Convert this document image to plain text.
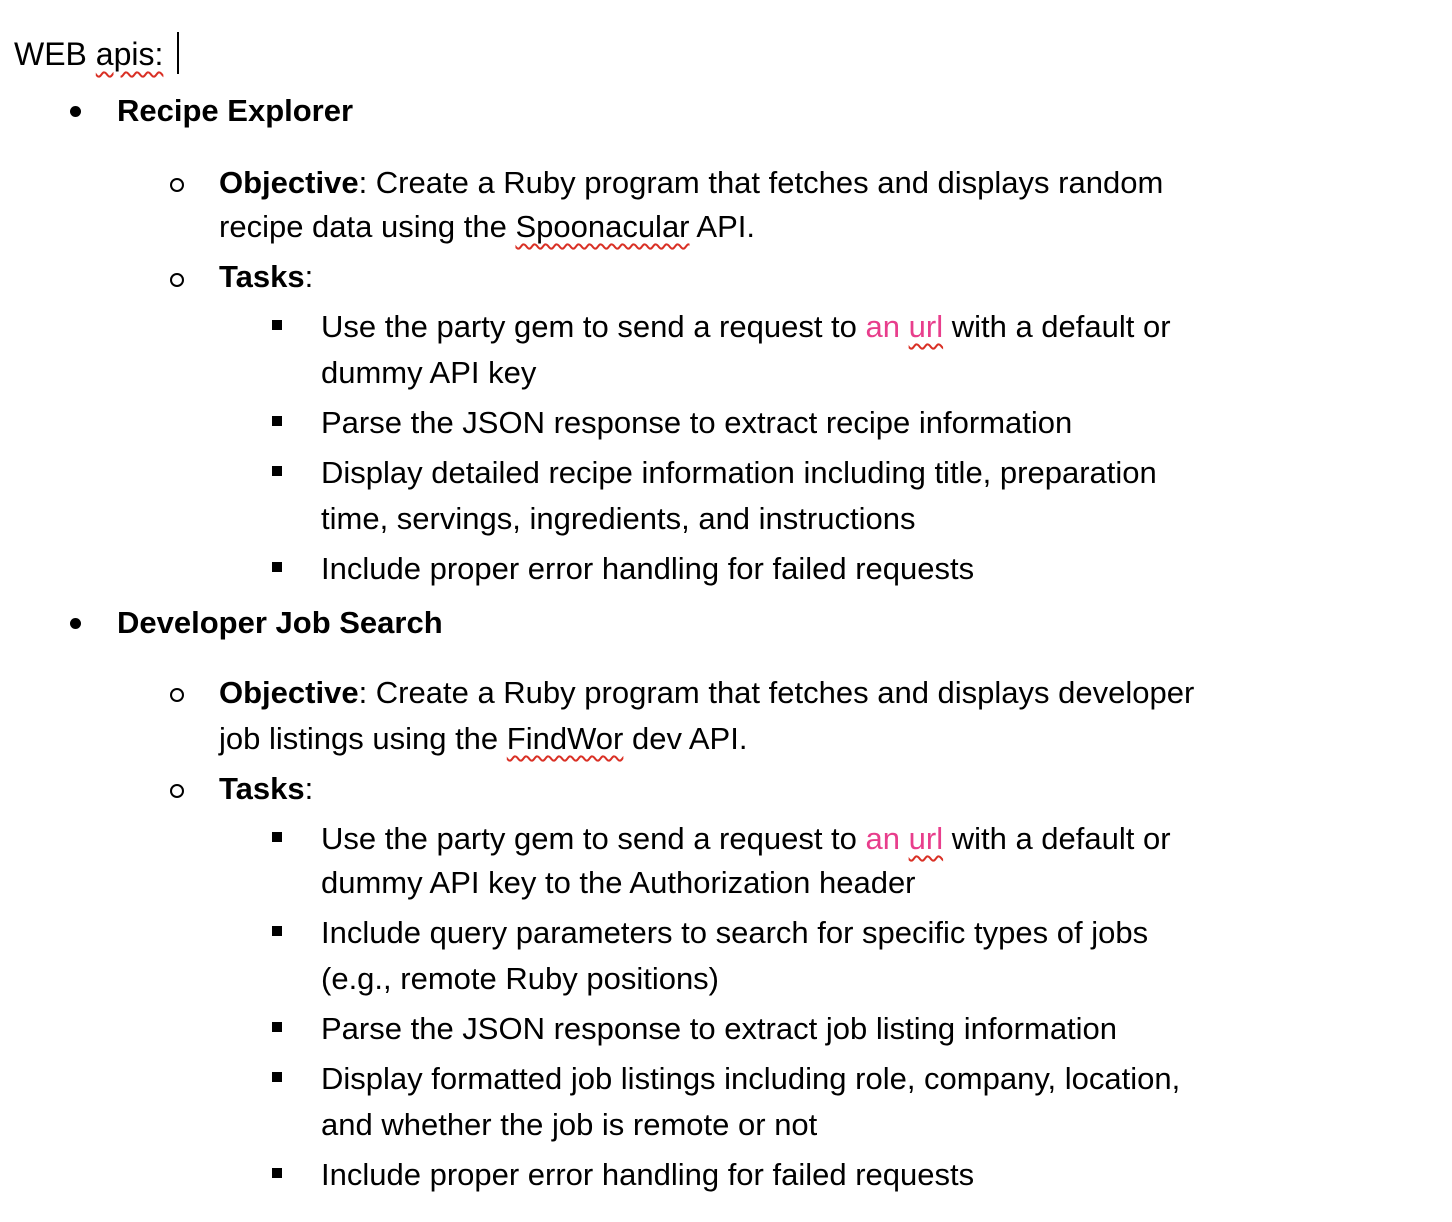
WEB apis:
Recipe Explorer
Objective: Create a Ruby program that fetches and displays random
recipe data using the Spoonacular API.
Tasks:
Use the party gem to send a request to an url with a default or
dummy API key
Parse the JSON response to extract recipe information
Display detailed recipe information including title, preparation
time, servings, ingredients, and instructions
Include proper error handling for failed requests
Developer Job Search
Objective: Create a Ruby program that fetches and displays developer
job listings using the FindWor dev API.
Tasks:
Use the party gem to send a request to an url with a default or
dummy API key to the Authorization header
Include query parameters to search for specific types of jobs
(e.g., remote Ruby positions)
Parse the JSON response to extract job listing information
Display formatted job listings including role, company, location,
and whether the job is remote or not
Include proper error handling for failed requests
